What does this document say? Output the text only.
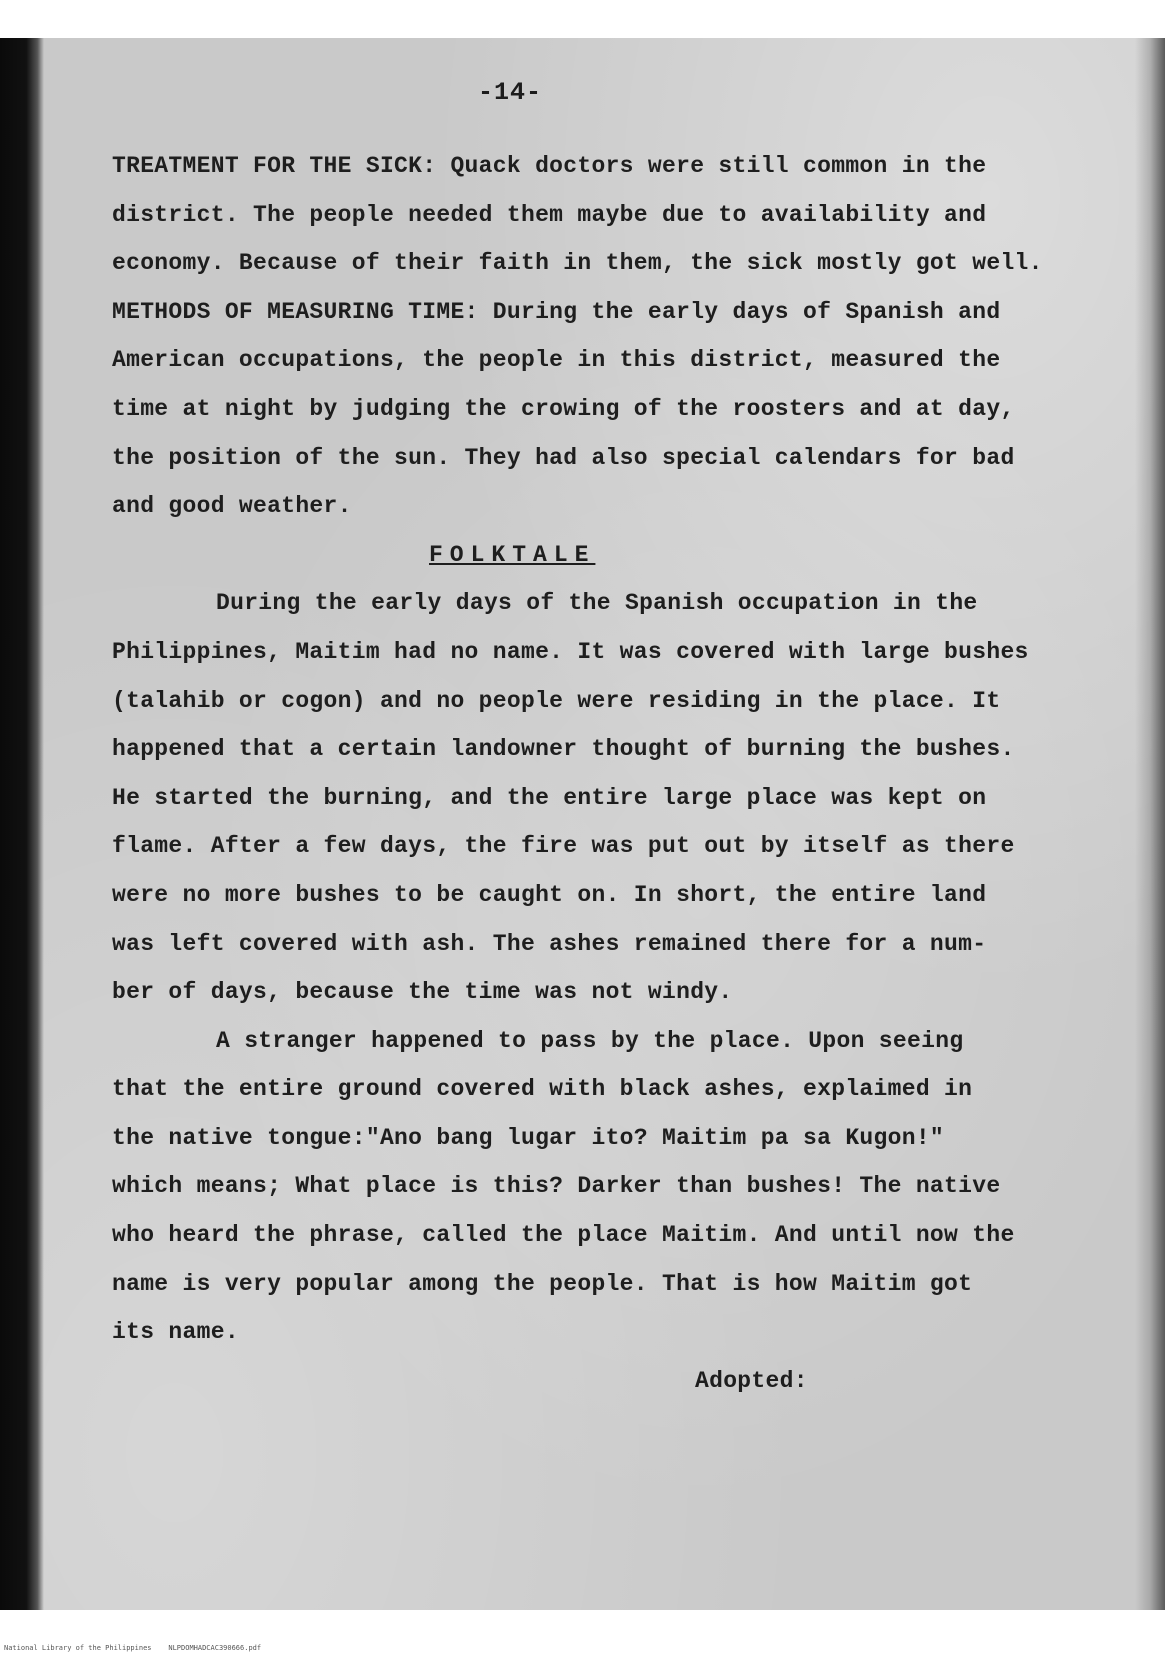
-14-
TREATMENT FOR THE SICK: Quack doctors were still common in the
district. The people needed them maybe due to availability and
economy. Because of their faith in them, the sick mostly got well.
METHODS OF MEASURING TIME: During the early days of Spanish and
American occupations, the people in this district, measured the
time at night by judging the crowing of the roosters and at day,
the position of the sun. They had also special calendars for bad
and good weather.
FOLKTALE
During the early days of the Spanish occupation in the
Philippines, Maitim had no name. It was covered with large bushes
(talahib or cogon) and no people were residing in the place. It
happened that a certain landowner thought of burning the bushes.
He started the burning, and the entire large place was kept on
flame. After a few days, the fire was put out by itself as there
were no more bushes to be caught on. In short, the entire land
was left covered with ash. The ashes remained there for a num-
ber of days, because the time was not windy.
A stranger happened to pass by the place. Upon seeing
that the entire ground covered with black ashes, explaimed in
the native tongue:"Ano bang lugar ito? Maitim pa sa Kugon!"
which means; What place is this? Darker than bushes! The native
who heard the phrase, called the place Maitim. And until now the
name is very popular among the people. That is how Maitim got
its name.
Adopted:
National Library of the Philippines NLPDOMHADCAC390666.pdf
